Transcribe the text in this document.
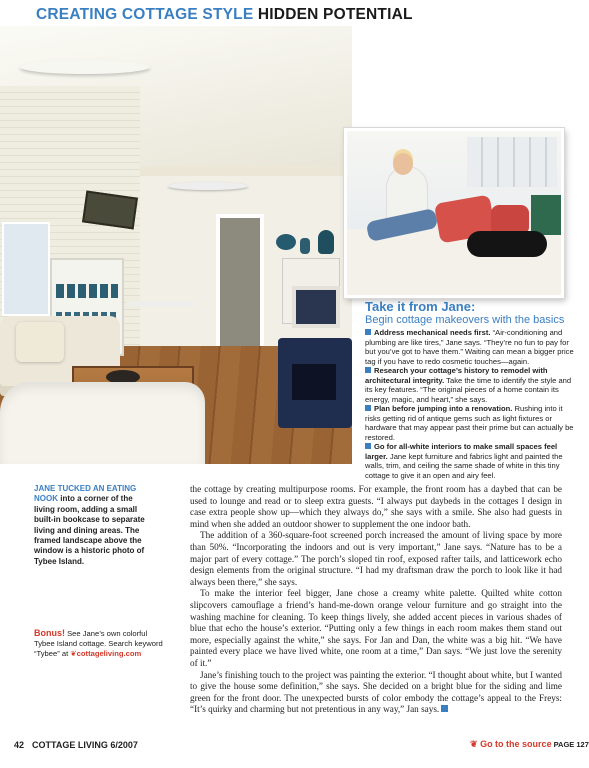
CREATING COTTAGE STYLE HIDDEN POTENTIAL
Take it from Jane:
Begin cottage makeovers with the basics

Address mechanical needs first. “Air-conditioning and plumbing are like tires,” Jane says. “They’re no fun to pay for but you’ve got to have them.” Waiting can mean a bigger price tag if you have to redo cosmetic touches—again.

Research your cottage’s history to remodel with architectural integrity. Take the time to identify the style and its key features. “The original pieces of a home contain its energy, magic, and heart,” she says.

Plan before jumping into a renovation. Rushing into it risks getting rid of antique gems such as light fixtures or hardware that may appear past their prime but can actually be restored.

Go for all-white interiors to make small spaces feel larger. Jane kept furniture and fabrics light and painted the walls, trim, and ceiling the same shade of white in this tiny cottage to give it an open and airy feel.

JANE TUCKED AN EATING NOOK into a corner of the living room, adding a small built-in bookcase to separate living and dining areas. The framed landscape above the window is a historic photo of Tybee Island.
Bonus! See Jane’s own colorful Tybee Island cottage. Search keyword “Tybee” at ❦cottageliving.com

the cottage by creating multipurpose rooms. For example, the front room has a daybed that can be used to lounge and read or to sleep extra guests. “I always put daybeds in the cottages I design in case extra people show up—which they always do,” she says with a smile. She also had guests in mind when she added an outdoor shower to supplement the one indoor bath.

The addition of a 360-square-foot screened porch increased the amount of living space by more than 50%. “Incorporating the indoors and out is very important,” Jane says. “Nature has to be a major part of every cottage.” The porch’s sloped tin roof, exposed rafter tails, and latticework echo design elements from the original structure. “I had my draftsman draw the porch to look like it had always been there,” she says.

To make the interior feel bigger, Jane chose a creamy white palette. Quilted white cotton slipcovers camouflage a friend’s hand-me-down orange velour furniture and go straight into the washing machine for cleaning. To keep things lively, she added accent pieces in various shades of blue that echo the house’s exterior. “Putting only a few things in each room makes them stand out more, especially against the white,” she says. For Jan and Dan, the white was a big hit. “We have painted every place we have lived white, one room at a time,” Dan says. “We just love the serenity of it.”

Jane’s finishing touch to the project was painting the exterior. “I thought about white, but I wanted to give the house some definition,” she says. She decided on a bright blue for the siding and lime green for the front door. The unexpected bursts of color embody the cottage’s appeal to the Freys: “It’s quirky and charming but not pretentious in any way,” Jan says.

42 COTTAGE LIVING 6/2007	❦ Go to the source PAGE 127
